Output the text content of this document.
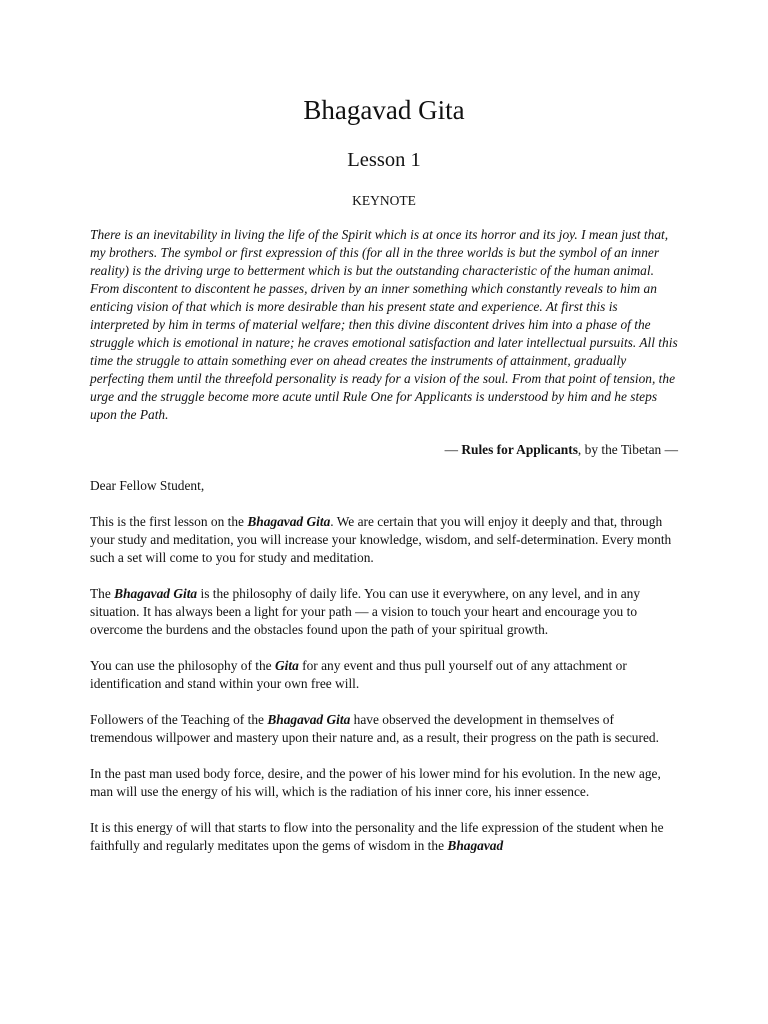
Bhagavad Gita
Lesson 1
KEYNOTE

There is an inevitability in living the life of the Spirit which is at once its horror and its joy. I mean just that, my brothers. The symbol or first expression of this (for all in the three worlds is but the symbol of an inner reality) is the driving urge to betterment which is but the outstanding characteristic of the human animal. From discontent to discontent he passes, driven by an inner something which constantly reveals to him an enticing vision of that which is more desirable than his present state and experience. At first this is interpreted by him in terms of material welfare; then this divine discontent drives him into a phase of the struggle which is emotional in nature; he craves emotional satisfaction and later intellectual pursuits. All this time the struggle to attain something ever on ahead creates the instruments of attainment, gradually perfecting them until the threefold personality is ready for a vision of the soul. From that point of tension, the urge and the struggle become more acute until Rule One for Applicants is understood by him and he steps upon the Path.

— Rules for Applicants, by the Tibetan —

Dear Fellow Student,

This is the first lesson on the Bhagavad Gita. We are certain that you will enjoy it deeply and that, through your study and meditation, you will increase your knowledge, wisdom, and self-determination. Every month such a set will come to you for study and meditation.

The Bhagavad Gita is the philosophy of daily life. You can use it everywhere, on any level, and in any situation. It has always been a light for your path — a vision to touch your heart and encourage you to overcome the burdens and the obstacles found upon the path of your spiritual growth.

You can use the philosophy of the Gita for any event and thus pull yourself out of any attachment or identification and stand within your own free will.

Followers of the Teaching of the Bhagavad Gita have observed the development in themselves of tremendous willpower and mastery upon their nature and, as a result, their progress on the path is secured.

In the past man used body force, desire, and the power of his lower mind for his evolution. In the new age, man will use the energy of his will, which is the radiation of his inner core, his inner essence.

It is this energy of will that starts to flow into the personality and the life expression of the student when he faithfully and regularly meditates upon the gems of wisdom in the Bhagavad
